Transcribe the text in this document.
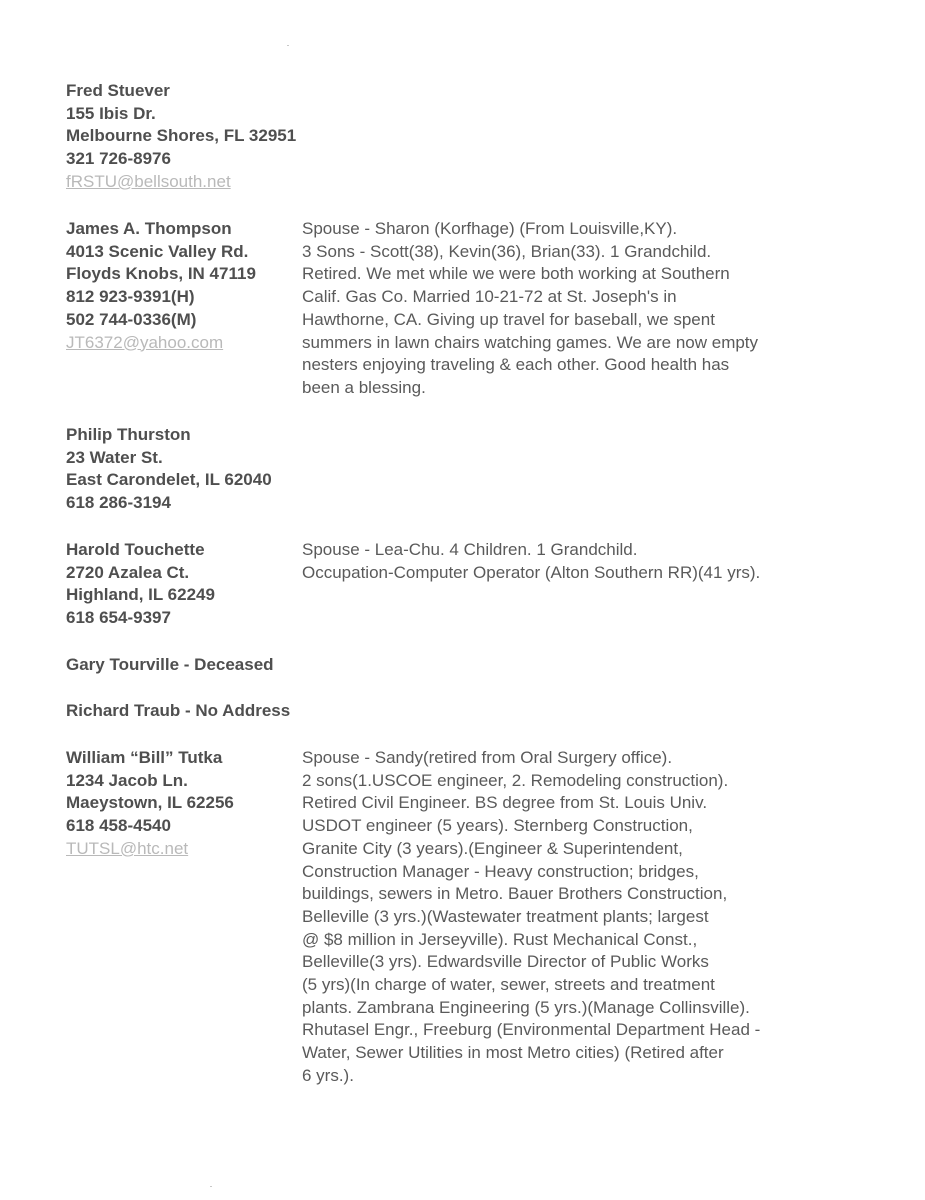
Fred Stuever
155 Ibis Dr.
Melbourne Shores, FL 32951
321 726-8976
fRSTU@bellsouth.net
James A. Thompson
4013 Scenic Valley Rd.
Floyds Knobs, IN 47119
812 923-9391(H)
502 744-0336(M)
JT6372@yahoo.com
Spouse - Sharon (Korfhage) (From Louisville,KY).
3 Sons - Scott(38), Kevin(36), Brian(33). 1 Grandchild.
Retired. We met while we were both working at Southern
Calif. Gas Co. Married 10-21-72 at St. Joseph's in
Hawthorne, CA. Giving up travel for baseball, we spent
summers in lawn chairs watching games. We are now empty
nesters enjoying traveling & each other. Good health has
been a blessing.
Philip Thurston
23 Water St.
East Carondelet, IL 62040
618 286-3194
Harold Touchette
2720 Azalea Ct.
Highland, IL 62249
618 654-9397
Spouse - Lea-Chu. 4 Children. 1 Grandchild.
Occupation-Computer Operator (Alton Southern RR)(41 yrs).
Gary Tourville - Deceased
Richard Traub - No Address
William “Bill” Tutka
1234 Jacob Ln.
Maeystown, IL 62256
618 458-4540
TUTSL@htc.net
Spouse - Sandy(retired from Oral Surgery office).
2 sons(1.USCOE engineer, 2. Remodeling construction).
Retired Civil Engineer. BS degree from St. Louis Univ.
USDOT engineer (5 years). Sternberg Construction,
Granite City (3 years).(Engineer & Superintendent,
Construction Manager - Heavy construction; bridges,
buildings, sewers in Metro. Bauer Brothers Construction,
Belleville (3 yrs.)(Wastewater treatment plants; largest
@ $8 million in Jerseyville). Rust Mechanical Const.,
Belleville(3 yrs). Edwardsville Director of Public Works
(5 yrs)(In charge of water, sewer, streets and treatment
plants. Zambrana Engineering (5 yrs.)(Manage Collinsville).
Rhutasel Engr., Freeburg (Environmental Department Head -
Water, Sewer Utilities in most Metro cities) (Retired after
6 yrs.).
